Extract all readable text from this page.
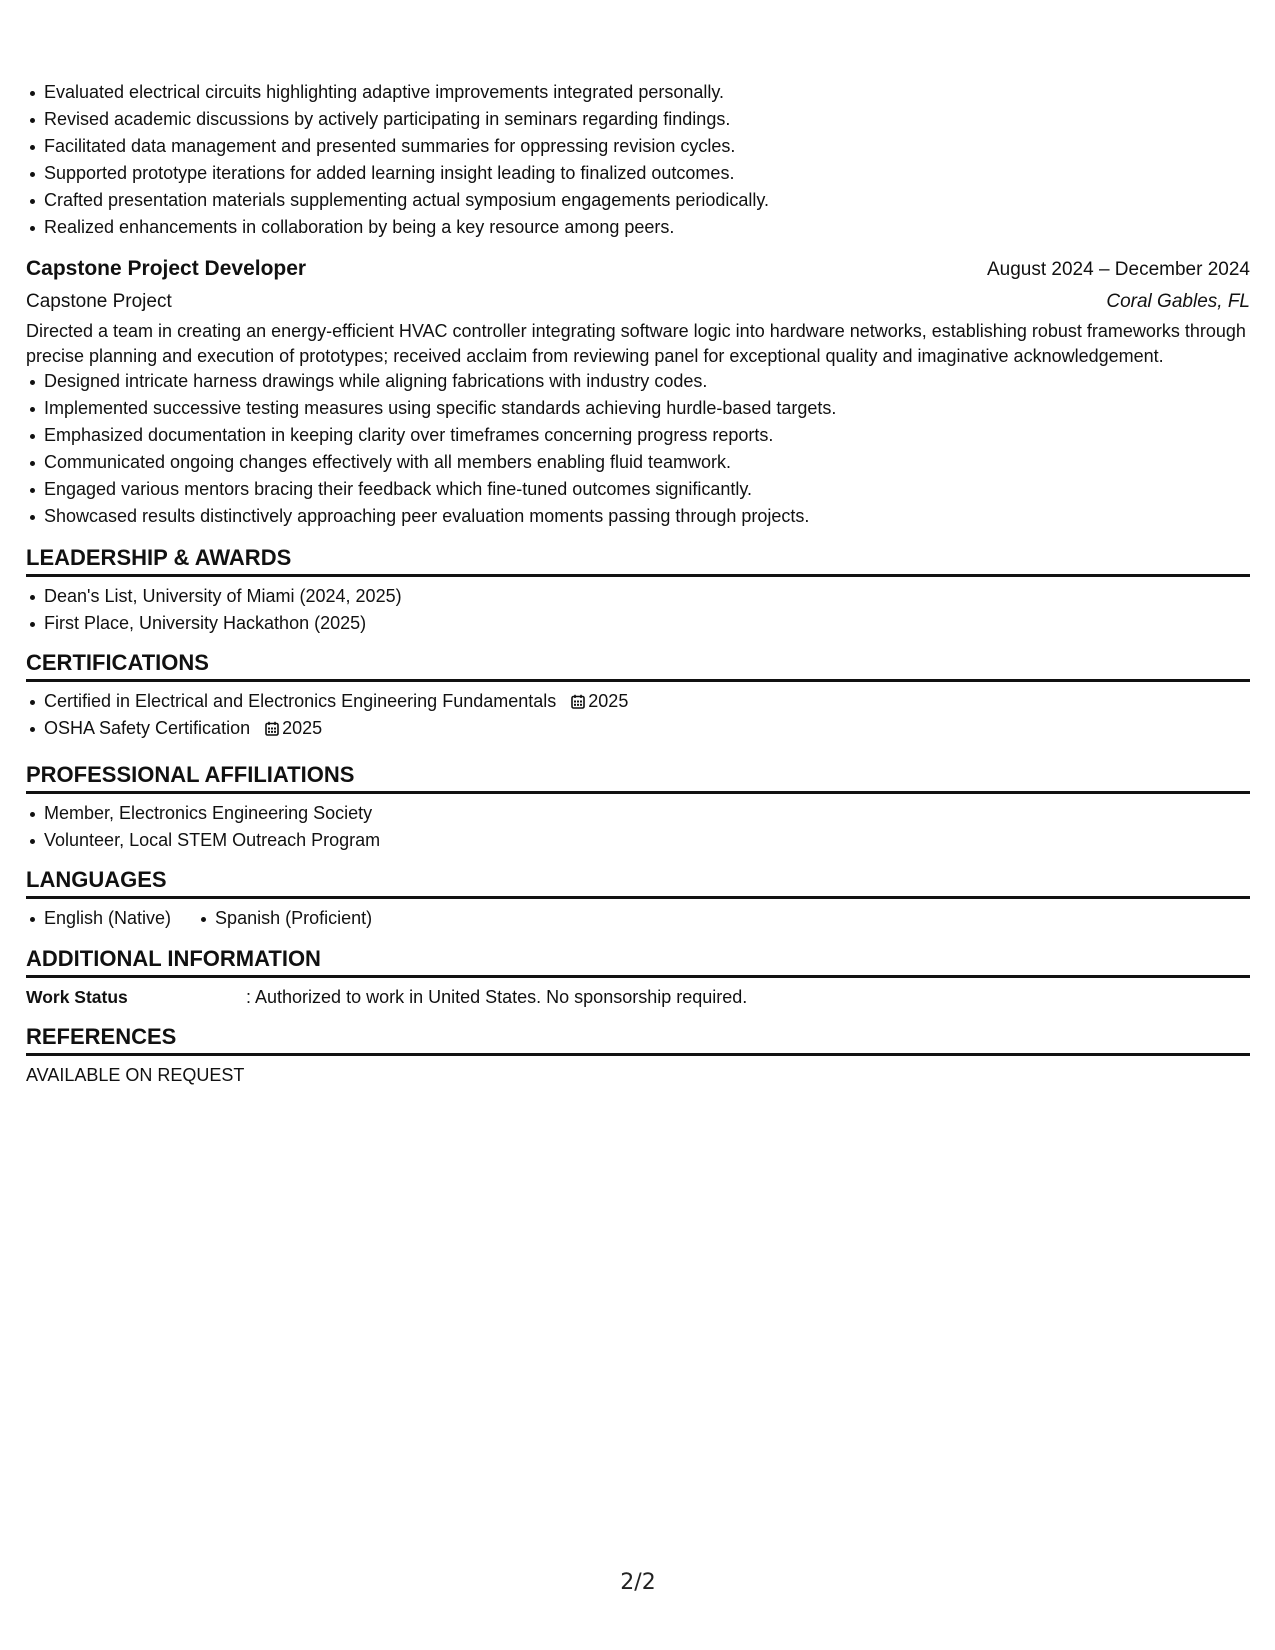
Evaluated electrical circuits highlighting adaptive improvements integrated personally.
Revised academic discussions by actively participating in seminars regarding findings.
Facilitated data management and presented summaries for oppressing revision cycles.
Supported prototype iterations for added learning insight leading to finalized outcomes.
Crafted presentation materials supplementing actual symposium engagements periodically.
Realized enhancements in collaboration by being a key resource among peers.
Capstone Project Developer	August 2024 – December 2024
Capstone Project	Coral Gables, FL
Directed a team in creating an energy-efficient HVAC controller integrating software logic into hardware networks, establishing robust frameworks through precise planning and execution of prototypes; received acclaim from reviewing panel for exceptional quality and imaginative acknowledgement.
Designed intricate harness drawings while aligning fabrications with industry codes.
Implemented successive testing measures using specific standards achieving hurdle-based targets.
Emphasized documentation in keeping clarity over timeframes concerning progress reports.
Communicated ongoing changes effectively with all members enabling fluid teamwork.
Engaged various mentors bracing their feedback which fine-tuned outcomes significantly.
Showcased results distinctively approaching peer evaluation moments passing through projects.
LEADERSHIP & AWARDS
Dean's List, University of Miami (2024, 2025)
First Place, University Hackathon (2025)
CERTIFICATIONS
Certified in Electrical and Electronics Engineering Fundamentals 2025
OSHA Safety Certification 2025
PROFESSIONAL AFFILIATIONS
Member, Electronics Engineering Society
Volunteer, Local STEM Outreach Program
LANGUAGES
English (Native)	Spanish (Proficient)
ADDITIONAL INFORMATION
Work Status	: Authorized to work in United States. No sponsorship required.
REFERENCES
AVAILABLE ON REQUEST
2/2
